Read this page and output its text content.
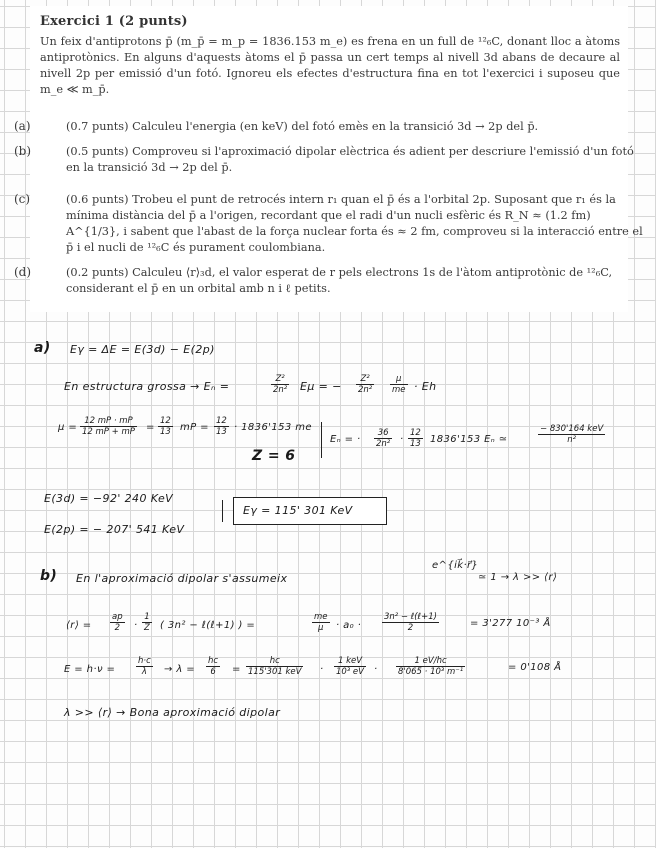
Exercici 1 (2 punts)
Un feix d'antiprotons p̄ (m_p̄ = m_p = 1836.153 m_e) es frena en un full de ¹²₆C, donant lloc a àtoms antiprotònics. En alguns d'aquests àtoms el p̄ passa un cert temps al nivell 3d abans de decaure al nivell 2p per emissió d'un fotó. Ignoreu els efectes d'estructura fina en tot l'exercici i suposeu que m_e ≪ m_p̄.
(a)	(0.7 punts) Calculeu l'energia (en keV) del fotó emès en la transició 3d → 2p del p̄.
(b)	(0.5 punts) Comproveu si l'aproximació dipolar elèctrica és adient per descriure l'emissió d'un fotó en la transició 3d → 2p del p̄.
(c)	(0.6 punts) Trobeu el punt de retrocés intern r₁ quan el p̄ és a l'orbital 2p. Suposant que r₁ és la mínima distància del p̄ a l'origen, recordant que el radi d'un nucli esfèric és R_N ≈ (1.2 fm) A^{1/3}, i sabent que l'abast de la força nuclear forta és ≈ 2 fm, comproveu si la interacció entre el p̄ i el nucli de ¹²₆C és purament coulombiana.
(d)	(0.2 punts) Calculeu ⟨r⟩₃d, el valor esperat de r pels electrons 1s de l'àtom antiprotònic de ¹²₆C, considerant el p̄ en un orbital amb n i ℓ petits.
a) Eγ = ΔE = E(3d) − E(2p)
En estructura grossa → Eₙ =
Z²
2n² Eμ = −
Z²
2n²
μ
me · Eh
μ =
12 mP · mP
12 mP + mP =
12
13 mP =
12
13 · 1836'153 me
Z = 6
Eₙ = ·
36
2n² ·
12
13 1836'153 Eₙ ≃
− 830'164 keV
n²
E(3d) = −92' 240 KeV
E(2p) = − 207' 541 KeV
Eγ = 115' 301 KeV
b) En l'aproximació dipolar s'assumeix
e^{ik⃗·r⃗}
≃ 1 → λ >> ⟨r⟩
⟨r⟩ =
ap
2	·
1
Z ( 3n² − ℓ(ℓ+1) ) =
me
μ	· a₀ ·
3n² − ℓ(ℓ+1)
2	= 3'277 10⁻³ Å
E = h·ν =
h·c
λ	→ λ =
hc
6	=
hc
115'301 keV ·
1 keV
10³ eV ·
1 eV/hc
8'065 · 10³ m⁻¹	= 0'108 Å
λ >> ⟨r⟩ → Bona aproximació dipolar
